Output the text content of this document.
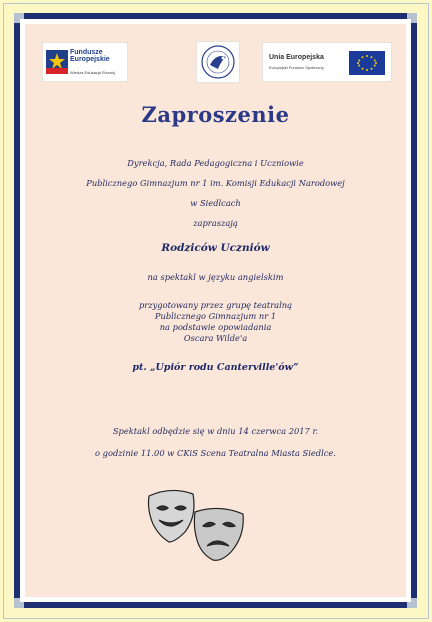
Fundusze
Europejskie
Wiedza Edukacja Rozwój
Unia Europejska
Europejski Fundusz Społeczny
Zaproszenie
Dyrekcja, Rada Pedagogiczna i Uczniowie
Publicznego Gimnazjum nr 1 im. Komisji Edukacji Narodowej
w Siedlcach
zapraszają
Rodziców Uczniów
na spektakl w języku angielskim
przygotowany przez grupę teatralną
Publicznego Gimnazjum nr 1
na podstawie opowiadania
Oscara Wilde'a
pt. „Upiór rodu Canterville'ów”
Spektakl odbędzie się w dniu 14 czerwca 2017 r.
o godzinie 11.00 w CKiS Scena Teatralna Miasta Siedlce.
